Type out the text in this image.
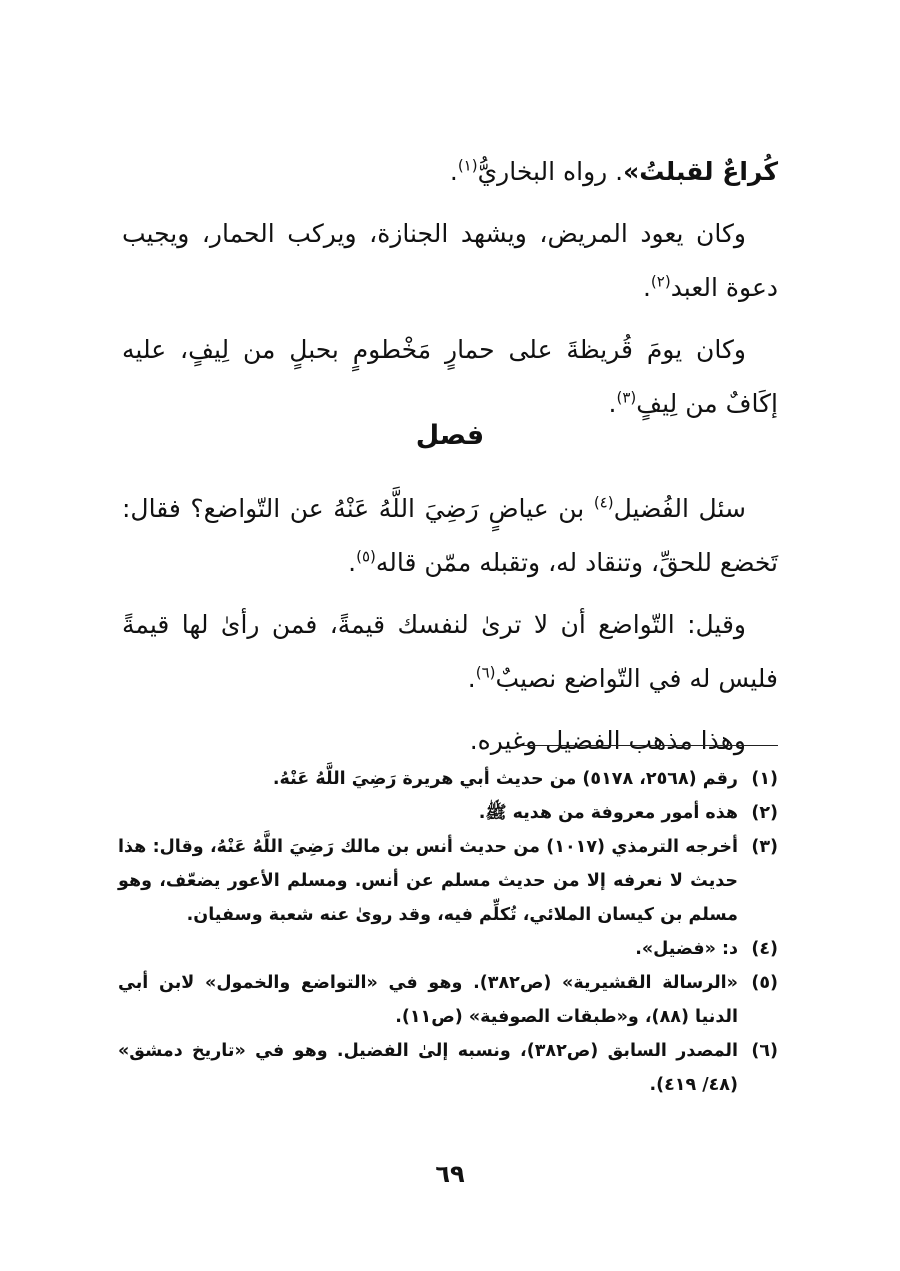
كُراعٌ لقبلتُ». رواه البخاريُّ$^{(١)}$.

وكان يعود المريض، ويشهد الجنازة، ويركب الحمار، ويجيب دعوة العبد$^{(٢)}$.

وكان يومَ قُريظةَ على حمارٍ مَخْطومٍ بحبلٍ من لِيفٍ، عليه إكَافٌ من لِيفٍ$^{(٣)}$.

فصل

سئل الفُضيل$^{(٤)}$ بن عياضٍ رَضِيَ اللَّهُ عَنْهُ عن التّواضع؟ فقال: تَخضع للحقِّ، وتنقاد له، وتقبله ممّن قاله$^{(٥)}$.

وقيل: التّواضع أن لا ترىٰ لنفسك قيمةً، فمن رأىٰ لها قيمةً فليس له في التّواضع نصيبٌ$^{(٦)}$.

وهذا مذهب الفضيل وغيره.

(١)
رقم (٢٥٦٨، ٥١٧٨) من حديث أبي هريرة رَضِيَ اللَّهُ عَنْهُ.
(٢)
هذه أمور معروفة من هديه ﷺ.
(٣)
أخرجه الترمذي (١٠١٧) من حديث أنس بن مالك رَضِيَ اللَّهُ عَنْهُ، وقال: هذا حديث لا نعرفه إلا من حديث مسلم عن أنس. ومسلم الأعور يضعّف، وهو مسلم بن كيسان الملائي، تُكلِّم فيه، وقد روىٰ عنه شعبة وسفيان.
(٤)
د: «فضيل».
(٥)
«الرسالة القشيرية» (ص٣٨٢). وهو في «التواضع والخمول» لابن أبي الدنيا (٨٨)، و«طبقات الصوفية» (ص١١).
(٦)
المصدر السابق (ص٣٨٢)، ونسبه إلىٰ الفضيل. وهو في «تاريخ دمشق» (٤٨/ ٤١٩).
٦٩
